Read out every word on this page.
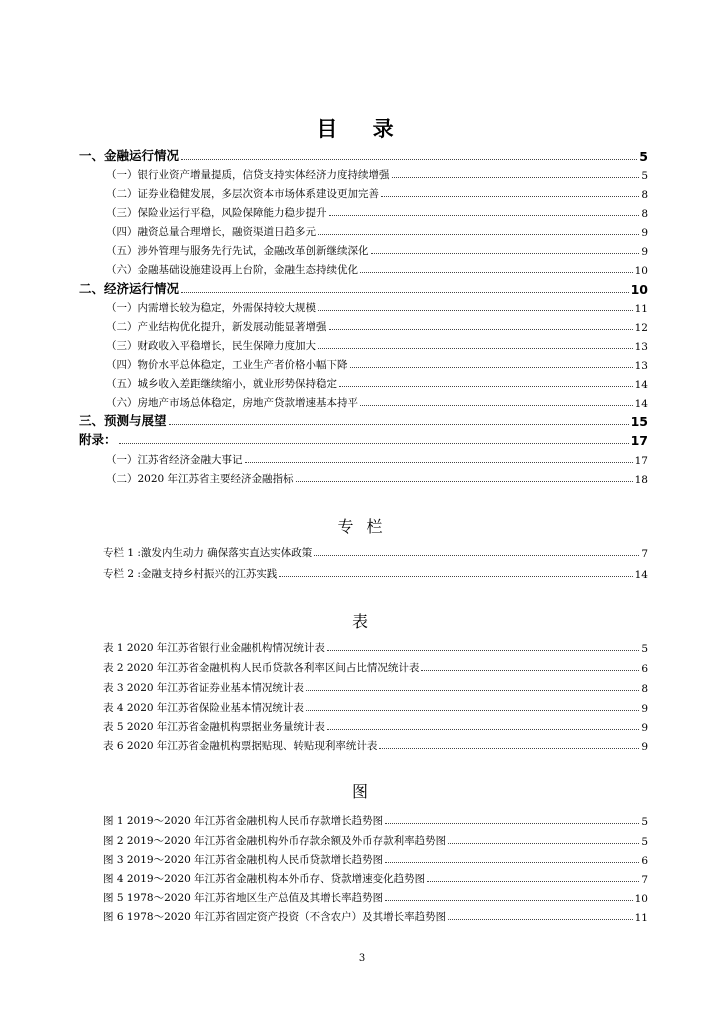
目 录
一、金融运行情况	5
（一）银行业资产增量提质，信贷支持实体经济力度持续增强	5
（二）证券业稳健发展，多层次资本市场体系建设更加完善	8
（三）保险业运行平稳，风险保障能力稳步提升	8
（四）融资总量合理增长，融资渠道日趋多元	9
（五）涉外管理与服务先行先试，金融改革创新继续深化	9
（六）金融基础设施建设再上台阶，金融生态持续优化	10
二、经济运行情况	10
（一）内需增长较为稳定，外需保持较大规模	11
（二）产业结构优化提升，新发展动能显著增强	12
（三）财政收入平稳增长，民生保障力度加大	13
（四）物价水平总体稳定，工业生产者价格小幅下降	13
（五）城乡收入差距继续缩小，就业形势保持稳定	14
（六）房地产市场总体稳定，房地产贷款增速基本持平	14
三、预测与展望	15
附录：	17
（一）江苏省经济金融大事记	17
（二）2020 年江苏省主要经济金融指标	18
专 栏
专栏 1 :激发内生动力 确保落实直达实体政策	7
专栏 2 :金融支持乡村振兴的江苏实践	14
表
表 1 2020 年江苏省银行业金融机构情况统计表	5
表 2 2020 年江苏省金融机构人民币贷款各利率区间占比情况统计表	6
表 3 2020 年江苏省证券业基本情况统计表	8
表 4 2020 年江苏省保险业基本情况统计表	9
表 5 2020 年江苏省金融机构票据业务量统计表	9
表 6 2020 年江苏省金融机构票据贴现、转贴现利率统计表	9
图
图 1 2019～2020 年江苏省金融机构人民币存款增长趋势图	5
图 2 2019～2020 年江苏省金融机构外币存款余额及外币存款利率趋势图	5
图 3 2019～2020 年江苏省金融机构人民币贷款增长趋势图	6
图 4 2019～2020 年江苏省金融机构本外币存、贷款增速变化趋势图	7
图 5 1978～2020 年江苏省地区生产总值及其增长率趋势图	10
图 6 1978～2020 年江苏省固定资产投资（不含农户）及其增长率趋势图	11
3
